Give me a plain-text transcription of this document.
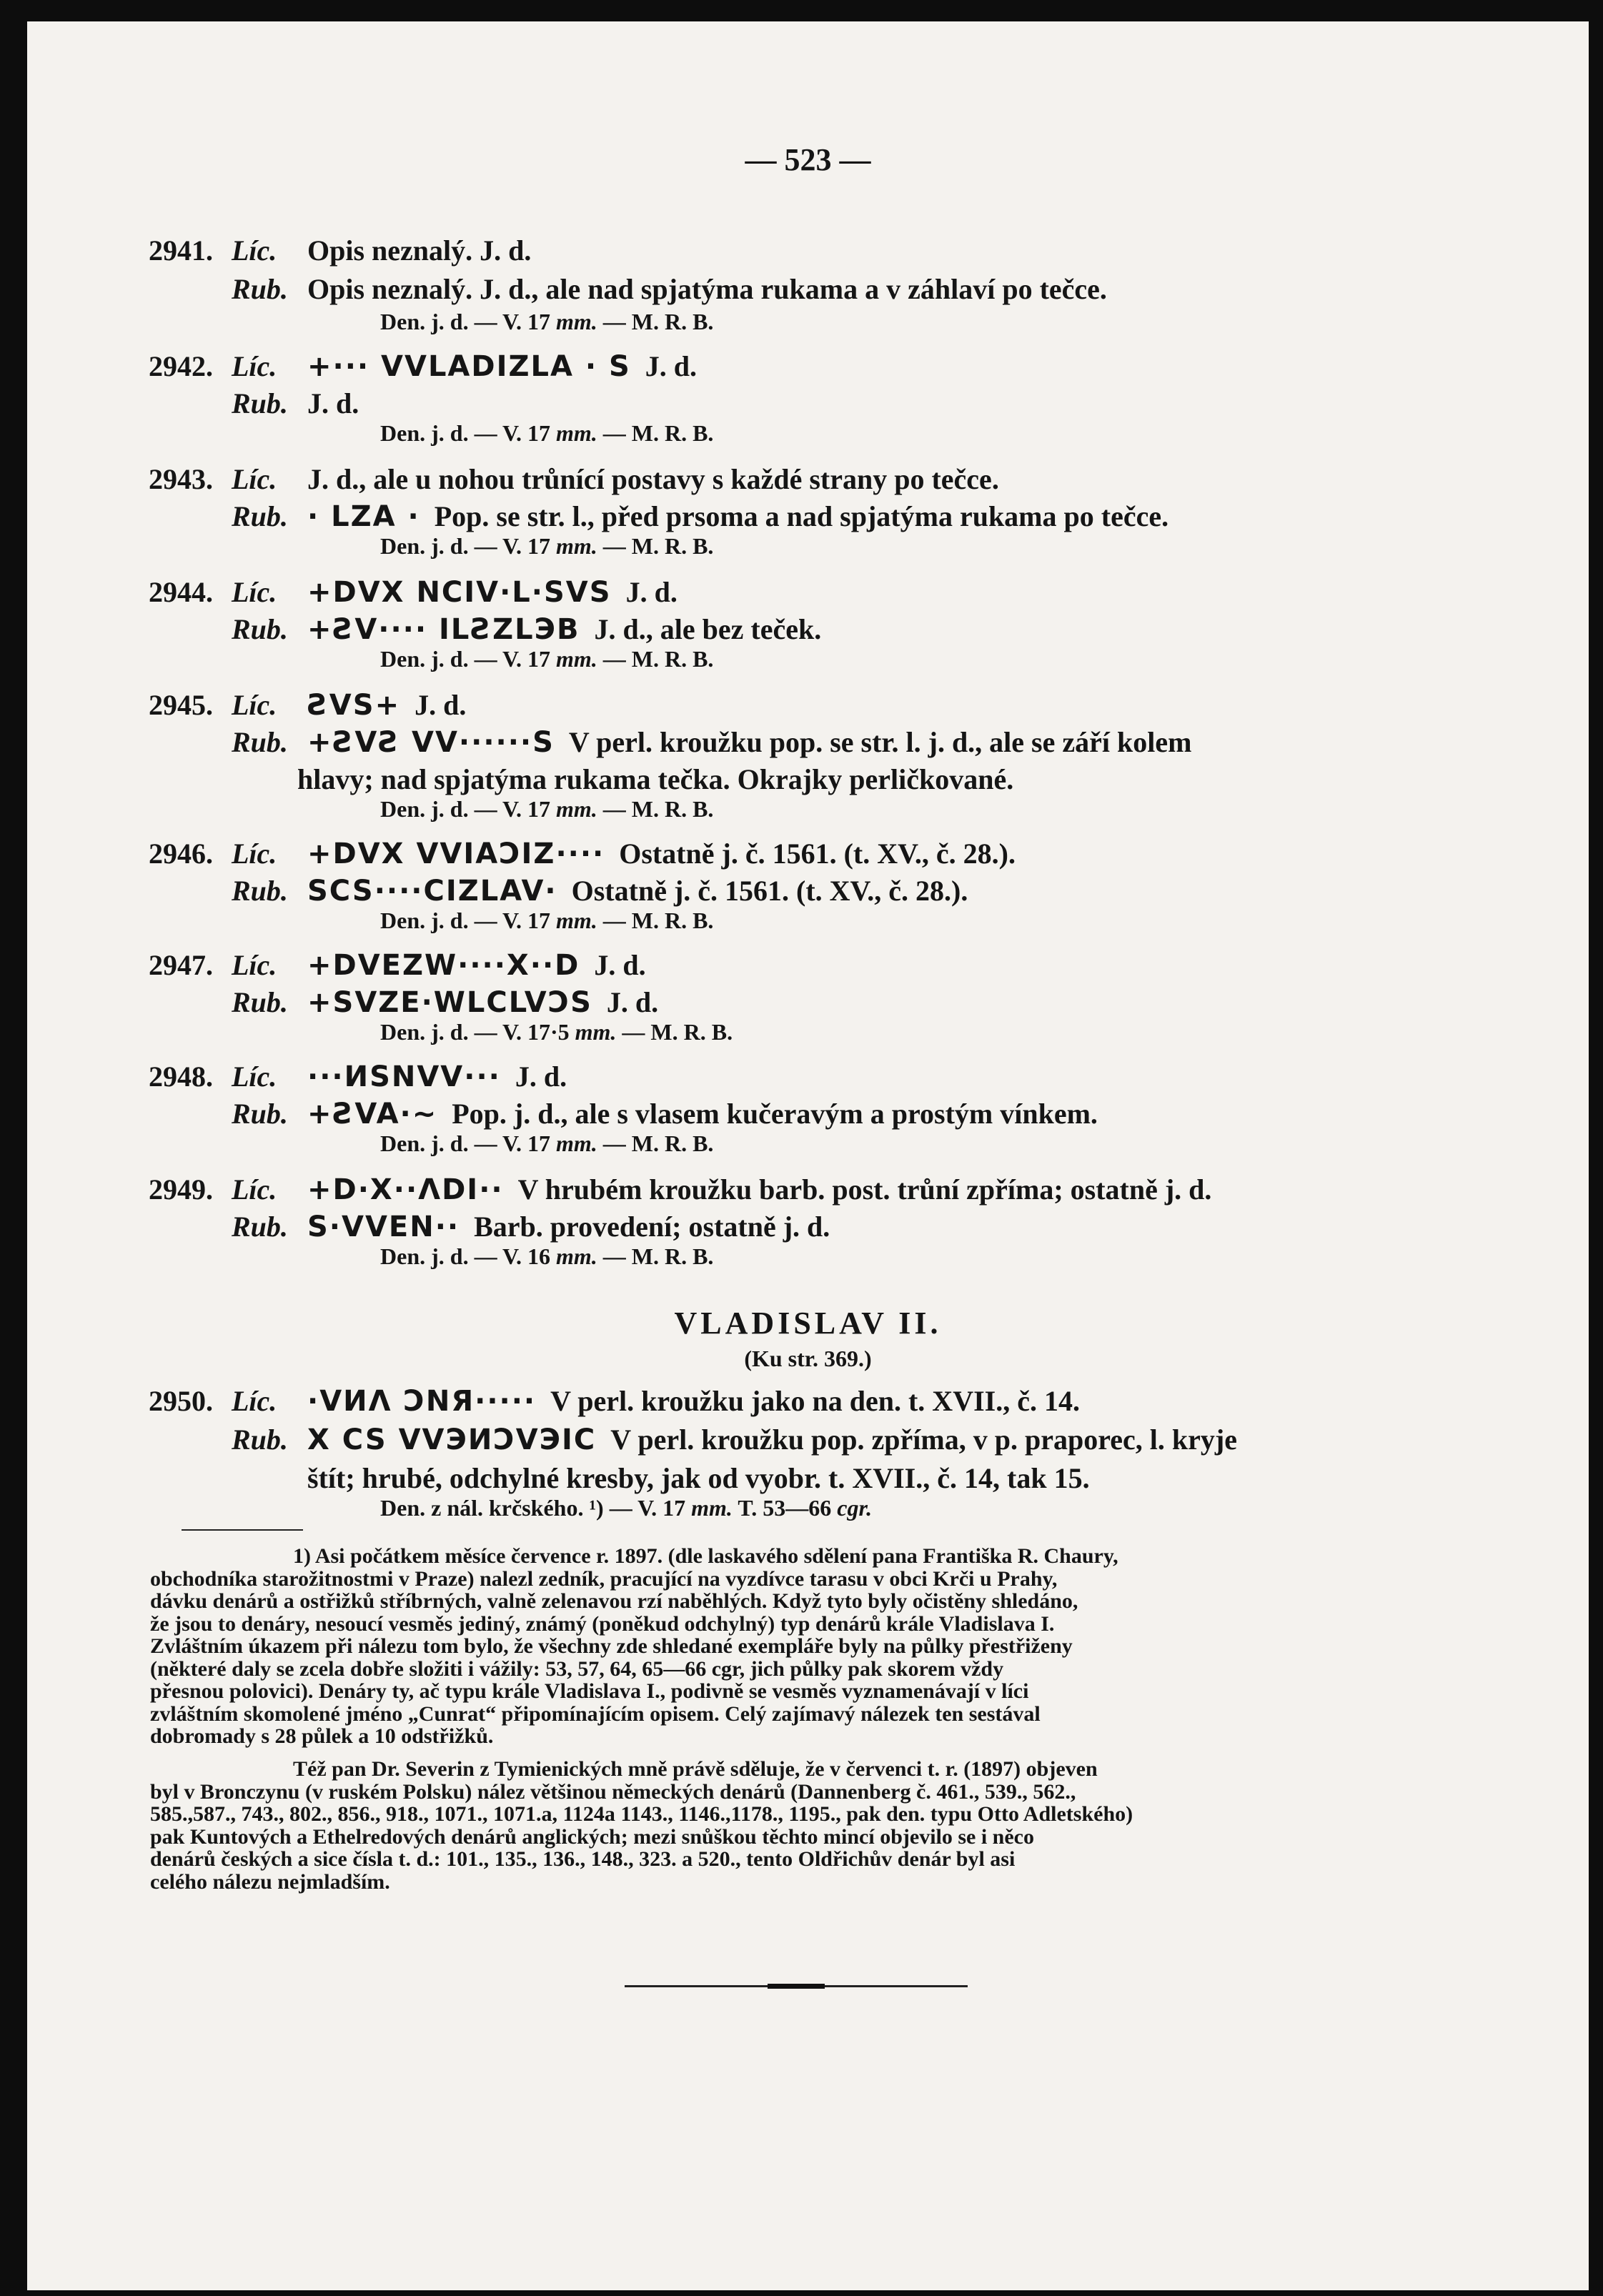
— 523 —
2941. Líc. Opis neznalý. J. d.
Rub. Opis neznalý. J. d., ale nad spjatýma rukama a v záhlaví po tečce.
Den. j. d. — V. 17 mm. — M. R. B.
2942. Líc. +··· VVLADIZLA · S J. d.
Rub. J. d.
Den. j. d. — V. 17 mm. — M. R. B.
2943. Líc. J. d., ale u nohou trůnící postavy s každé strany po tečce.
Rub. · LZA · Pop. se str. l., před prsoma a nad spjatýma rukama po tečce.
Den. j. d. — V. 17 mm. — M. R. B.
2944. Líc. +DVX NCIV·L·SVS J. d.
Rub. +ƧV···· ILƧZLЭB J. d., ale bez teček.
Den. j. d. — V. 17 mm. — M. R. B.
2945. Líc. ƧVS+ J. d.
Rub. +ƧVƧ VV······S V perl. kroužku pop. se str. l. j. d., ale se září kolem
hlavy; nad spjatýma rukama tečka. Okrajky perličkované.
Den. j. d. — V. 17 mm. — M. R. B.
2946. Líc. +DVX VVIAƆIZ···· Ostatně j. č. 1561. (t. XV., č. 28.).
Rub. SCS····CIZLAV· Ostatně j. č. 1561. (t. XV., č. 28.).
Den. j. d. — V. 17 mm. — M. R. B.
2947. Líc. +DVEZW····X··D J. d.
Rub. +SVZE·WLCLVƆS J. d.
Den. j. d. — V. 17·5 mm. — M. R. B.
2948. Líc. ···ИSNVV··· J. d.
Rub. +ƧVA·~ Pop. j. d., ale s vlasem kučeravým a prostým vínkem.
Den. j. d. — V. 17 mm. — M. R. B.
2949. Líc. +D·X··ΛDI·· V hrubém kroužku barb. post. trůní zpříma; ostatně j. d.
Rub. S·VVEN·· Barb. provedení; ostatně j. d.
Den. j. d. — V. 16 mm. — M. R. B.
VLADISLAV II.
(Ku str. 369.)
2950. Líc. ·VИΛ ƆNЯ····· V perl. kroužku jako na den. t. XVII., č. 14.
Rub. X CS VVЭИƆVЭIC V perl. kroužku pop. zpříma, v p. praporec, l. kryje
štít; hrubé, odchylné kresby, jak od vyobr. t. XVII., č. 14, tak 15.
Den. z nál. krčského. ¹) — V. 17 mm. T. 53—66 cgr.
1) Asi počátkem měsíce července r. 1897. (dle laskavého sdělení pana Františka R. Chaury,
obchodníka starožitnostmi v Praze) nalezl zedník, pracující na vyzdívce tarasu v obci Krči u Prahy,
dávku denárů a ostřižků stříbrných, valně zelenavou rzí naběhlých. Když tyto byly očistěny shledáno,
že jsou to denáry, nesoucí vesměs jediný, známý (poněkud odchylný) typ denárů krále Vladislava I.
Zvláštním úkazem při nálezu tom bylo, že všechny zde shledané exempláře byly na půlky přestřiženy
(některé daly se zcela dobře složiti i vážily: 53, 57, 64, 65—66 cgr, jich půlky pak skorem vždy
přesnou polovici). Denáry ty, ač typu krále Vladislava I., podivně se vesměs vyznamenávají v líci
zvláštním skomolené jméno „Cunrat“ připomínajícím opisem. Celý zajímavý nálezek ten sestával
dobromady s 28 půlek a 10 odstřižků.
Též pan Dr. Severin z Tymienických mně právě sděluje, že v červenci t. r. (1897) objeven
byl v Bronczynu (v ruském Polsku) nález většinou německých denárů (Dannenberg č. 461., 539., 562.,
585.,587., 743., 802., 856., 918., 1071., 1071.a, 1124a 1143., 1146.,1178., 1195., pak den. typu Otto Adletského)
pak Kuntových a Ethelredových denárů anglických; mezi snůškou těchto mincí objevilo se i něco
denárů českých a sice čísla t. d.: 101., 135., 136., 148., 323. a 520., tento Oldřichův denár byl asi
celého nálezu nejmladším.
